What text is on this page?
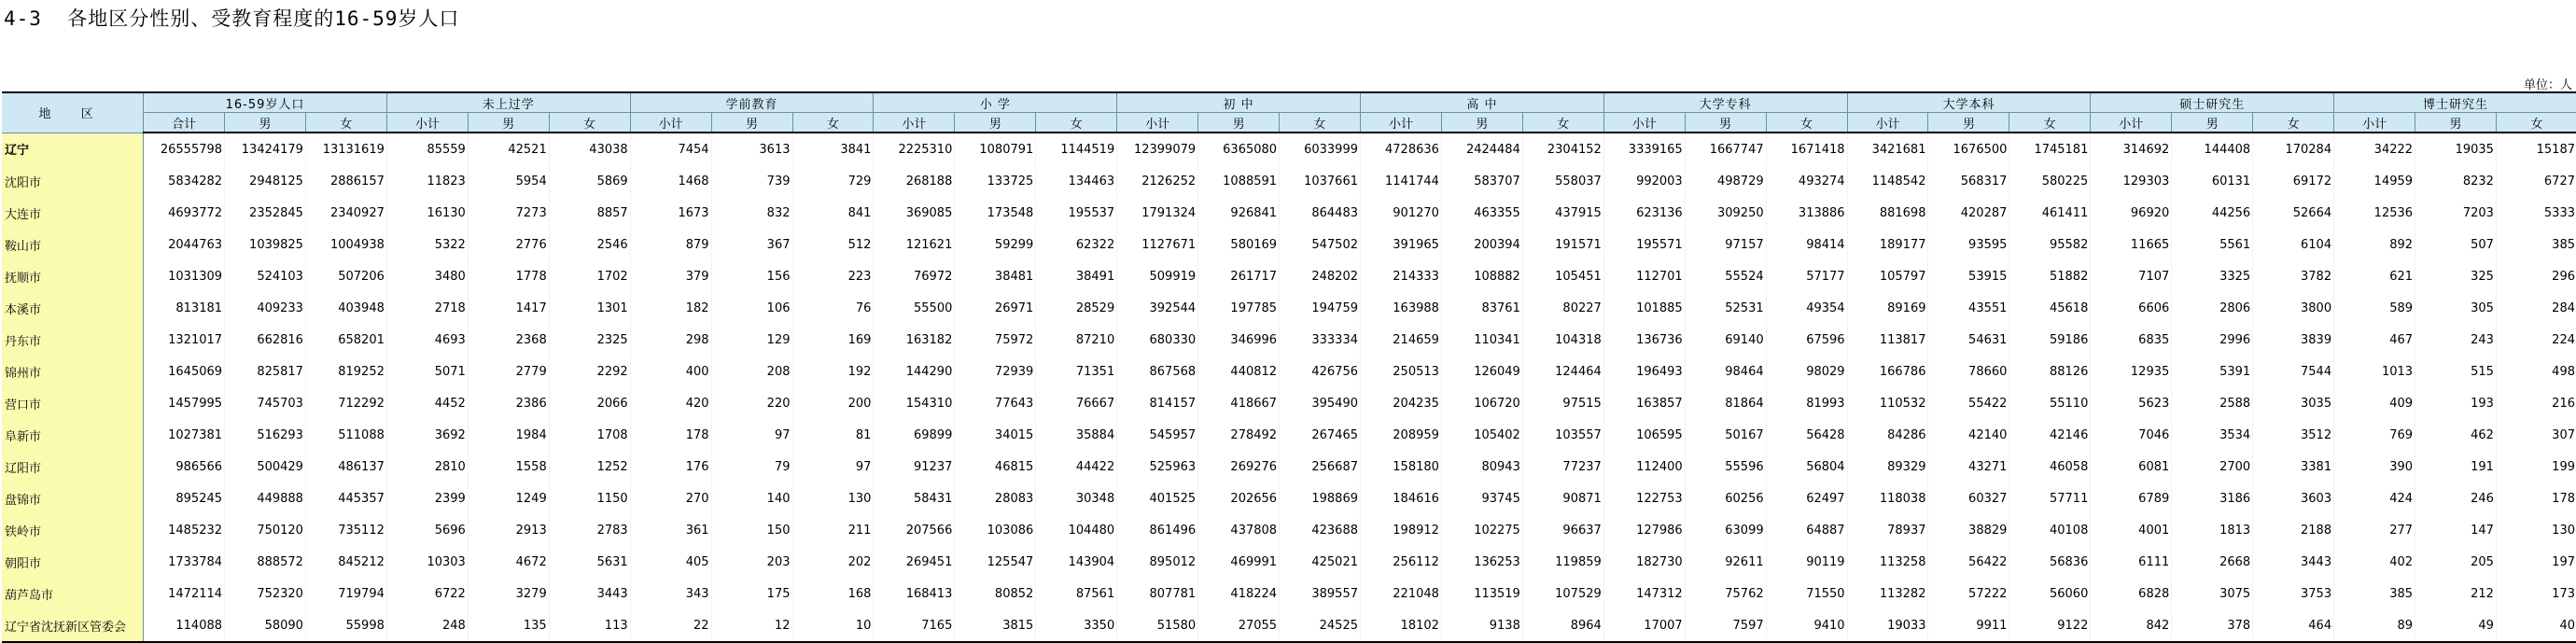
4-3  各地区分性别、受教育程度的16-59岁人口
单位：人
地 区	16-59岁人口			未上过学			学前教育			小 学			初 中			高 中			大学专科			大学本科			硕士研究生			博士研究生		
	合计	男	女	小计	男	女	小计	男	女	小计	男	女	小计	男	女	小计	男	女	小计	男	女	小计	男	女	小计	男	女	小计	男	女
辽宁	26555798	13424179	13131619	85559	42521	43038	7454	3613	3841	2225310	1080791	1144519	12399079	6365080	6033999	4728636	2424484	2304152	3339165	1667747	1671418	3421681	1676500	1745181	314692	144408	170284	34222	19035	15187
沈阳市	5834282	2948125	2886157	11823	5954	5869	1468	739	729	268188	133725	134463	2126252	1088591	1037661	1141744	583707	558037	992003	498729	493274	1148542	568317	580225	129303	60131	69172	14959	8232	6727
大连市	4693772	2352845	2340927	16130	7273	8857	1673	832	841	369085	173548	195537	1791324	926841	864483	901270	463355	437915	623136	309250	313886	881698	420287	461411	96920	44256	52664	12536	7203	5333
鞍山市	2044763	1039825	1004938	5322	2776	2546	879	367	512	121621	59299	62322	1127671	580169	547502	391965	200394	191571	195571	97157	98414	189177	93595	95582	11665	5561	6104	892	507	385
抚顺市	1031309	524103	507206	3480	1778	1702	379	156	223	76972	38481	38491	509919	261717	248202	214333	108882	105451	112701	55524	57177	105797	53915	51882	7107	3325	3782	621	325	296
本溪市	813181	409233	403948	2718	1417	1301	182	106	76	55500	26971	28529	392544	197785	194759	163988	83761	80227	101885	52531	49354	89169	43551	45618	6606	2806	3800	589	305	284
丹东市	1321017	662816	658201	4693	2368	2325	298	129	169	163182	75972	87210	680330	346996	333334	214659	110341	104318	136736	69140	67596	113817	54631	59186	6835	2996	3839	467	243	224
锦州市	1645069	825817	819252	5071	2779	2292	400	208	192	144290	72939	71351	867568	440812	426756	250513	126049	124464	196493	98464	98029	166786	78660	88126	12935	5391	7544	1013	515	498
营口市	1457995	745703	712292	4452	2386	2066	420	220	200	154310	77643	76667	814157	418667	395490	204235	106720	97515	163857	81864	81993	110532	55422	55110	5623	2588	3035	409	193	216
阜新市	1027381	516293	511088	3692	1984	1708	178	97	81	69899	34015	35884	545957	278492	267465	208959	105402	103557	106595	50167	56428	84286	42140	42146	7046	3534	3512	769	462	307
辽阳市	986566	500429	486137	2810	1558	1252	176	79	97	91237	46815	44422	525963	269276	256687	158180	80943	77237	112400	55596	56804	89329	43271	46058	6081	2700	3381	390	191	199
盘锦市	895245	449888	445357	2399	1249	1150	270	140	130	58431	28083	30348	401525	202656	198869	184616	93745	90871	122753	60256	62497	118038	60327	57711	6789	3186	3603	424	246	178
铁岭市	1485232	750120	735112	5696	2913	2783	361	150	211	207566	103086	104480	861496	437808	423688	198912	102275	96637	127986	63099	64887	78937	38829	40108	4001	1813	2188	277	147	130
朝阳市	1733784	888572	845212	10303	4672	5631	405	203	202	269451	125547	143904	895012	469991	425021	256112	136253	119859	182730	92611	90119	113258	56422	56836	6111	2668	3443	402	205	197
葫芦岛市	1472114	752320	719794	6722	3279	3443	343	175	168	168413	80852	87561	807781	418224	389557	221048	113519	107529	147312	75762	71550	113282	57222	56060	6828	3075	3753	385	212	173
辽宁省沈抚新区管委会	114088	58090	55998	248	135	113	22	12	10	7165	3815	3350	51580	27055	24525	18102	9138	8964	17007	7597	9410	19033	9911	9122	842	378	464	89	49	40
